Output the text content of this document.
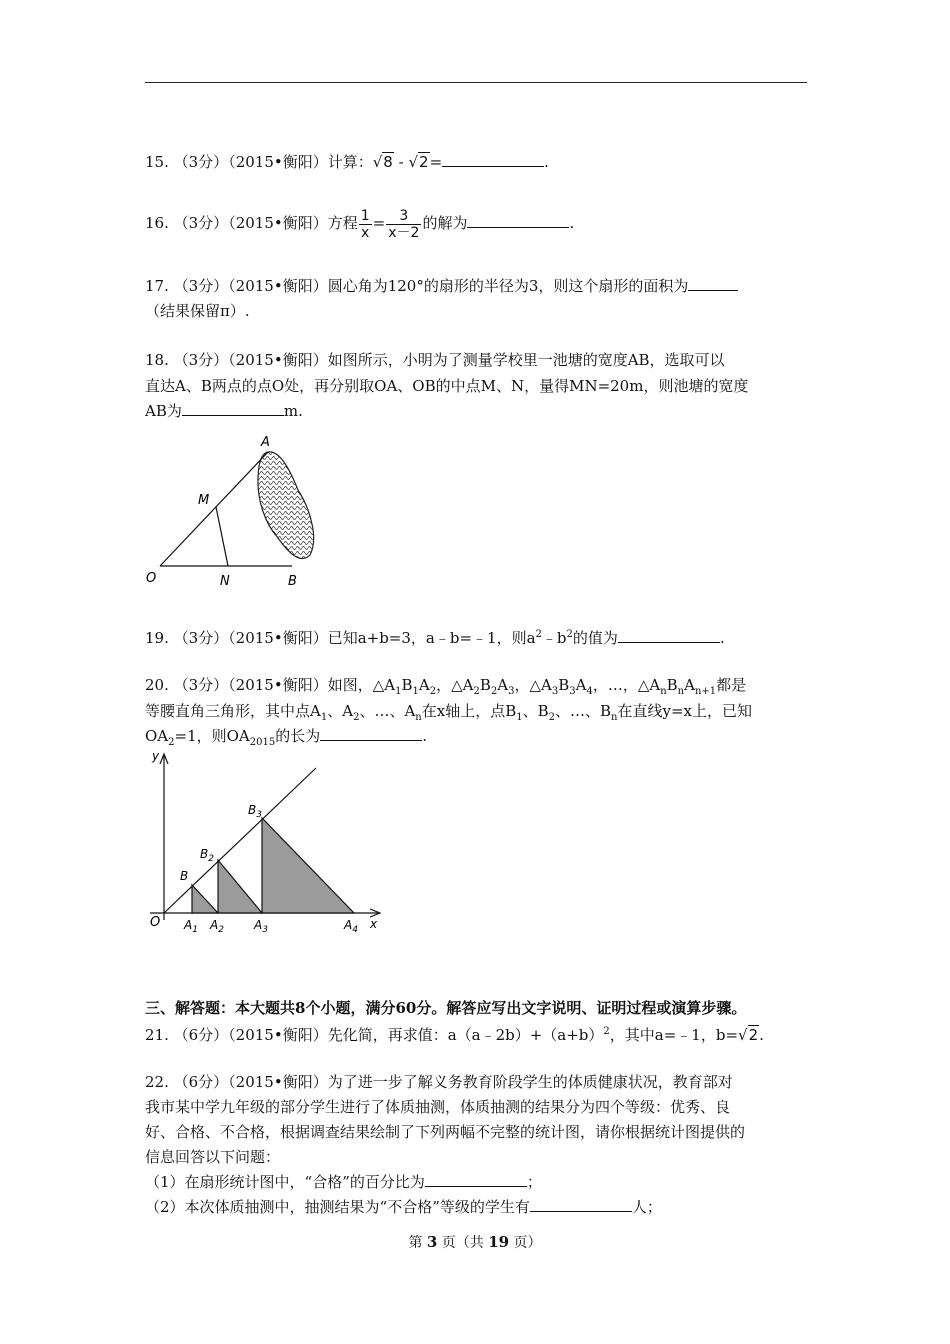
15. （3分）（2015•衡阳）计算：√8 - √2=	.
16. （3分）（2015•衡阳）方程 $\frac{1}{x} = \frac{3}{x-2}$ 的解为	.
17. （3分）（2015•衡阳）圆心角为120°的扇形的半径为3，则这个扇形的面积为
（结果保留π）.
18. （3分）（2015•衡阳）如图所示，小明为了测量学校里一池塘的宽度AB，选取可以
直达A、B两点的点O处，再分别取OA、OB的中点M、N，量得MN=20m，则池塘的宽度
AB为	m.
A
M
O	N	B
19. （3分）（2015•衡阳）已知a+b=3，a﹣b=﹣1，则$a^2﹣b^2$的值为	.
20. （3分）（2015•衡阳）如图，$\triangle A_1B_1A_2$，$\triangle A_2B_2A_3$，$\triangle A_3B_3A_4$，…，$\triangle A_nB_nA_{n+1}$都是
等腰直角三角形，其中点$A_1$、$A_2$、…、$A_n$在x轴上，点$B_1$、$B_2$、…、$B_n$在直线y=x上，已知
$OA_2=1$，则$OA_{2015}$的长为	.
y
x
O
B
$B_2$
$B_3$
$A_1$ $A_2$	$A_3$	$A_4$
三、解答题：本大题共8个小题，满分60分。解答应写出文字说明、证明过程或演算步骤。
21. （6分）（2015•衡阳）先化简，再求值：$a(a﹣2b)+(a+b)^2$，其中a=﹣1，b=√2.
22. （6分）（2015•衡阳）为了进一步了解义务教育阶段学生的体质健康状况，教育部对
我市某中学九年级的部分学生进行了体质抽测，体质抽测的结果分为四个等级：优秀、良
好、合格、不合格，根据调查结果绘制了下列两幅不完整的统计图，请你根据统计图提供的
信息回答以下问题：
（1）在扇形统计图中，“合格”的百分比为	；
（2）本次体质抽测中，抽测结果为“不合格”等级的学生有	人；
第 3 页（共 19 页）
